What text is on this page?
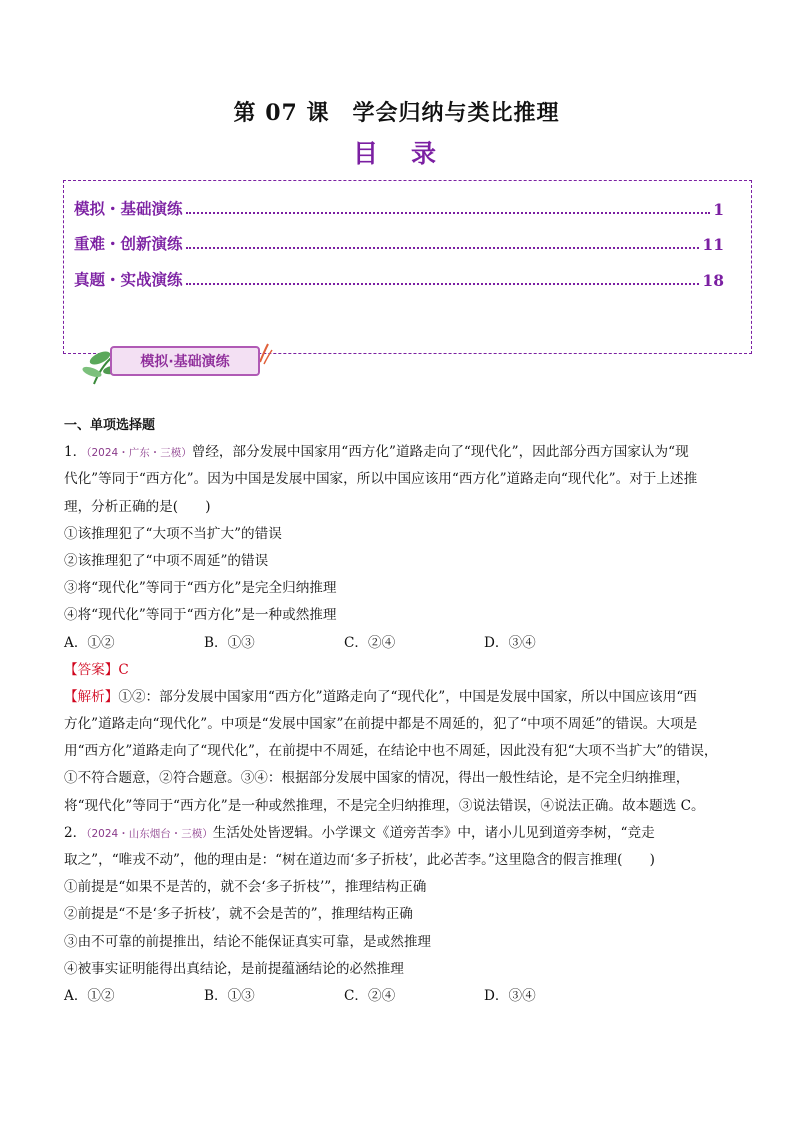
第 07 课　学会归纳与类比推理
目　录
模拟・基础演练	1
重难・创新演练	11
真题・实战演练	18
模拟·基础演练
一、单项选择题
1．（2024・广东・三模）曾经，部分发展中国家用“西方化”道路走向了“现代化”，因此部分西方国家认为“现
代化”等同于“西方化”。因为中国是发展中国家，所以中国应该用“西方化”道路走向“现代化”。对于上述推
理，分析正确的是(　　)
①该推理犯了“大项不当扩大”的错误
②该推理犯了“中项不周延”的错误
③将“现代化”等同于“西方化”是完全归纳推理
④将“现代化”等同于“西方化”是一种或然推理
A．①②	B．①③	C．②④	D．③④
【答案】C
【解析】①②：部分发展中国家用“西方化”道路走向了“现代化”，中国是发展中国家，所以中国应该用“西
方化”道路走向“现代化”。中项是“发展中国家”在前提中都是不周延的，犯了“中项不周延”的错误。大项是
用“西方化”道路走向了“现代化”，在前提中不周延，在结论中也不周延，因此没有犯“大项不当扩大”的错误，
①不符合题意，②符合题意。③④：根据部分发展中国家的情况，得出一般性结论，是不完全归纳推理，
将“现代化”等同于“西方化”是一种或然推理，不是完全归纳推理，③说法错误，④说法正确。故本题选 C。
2．（2024・山东烟台・三模）生活处处皆逻辑。小学课文《道旁苦李》中，诸小儿见到道旁李树，“竞走
取之”，“唯戎不动”，他的理由是：“树在道边而‘多子折枝’，此必苦李。”这里隐含的假言推理(　　)
①前提是“如果不是苦的，就不会‘多子折枝’”，推理结构正确
②前提是“不是‘多子折枝’，就不会是苦的”，推理结构正确
③由不可靠的前提推出，结论不能保证真实可靠，是或然推理
④被事实证明能得出真结论，是前提蕴涵结论的必然推理
A．①②	B．①③	C．②④	D．③④
